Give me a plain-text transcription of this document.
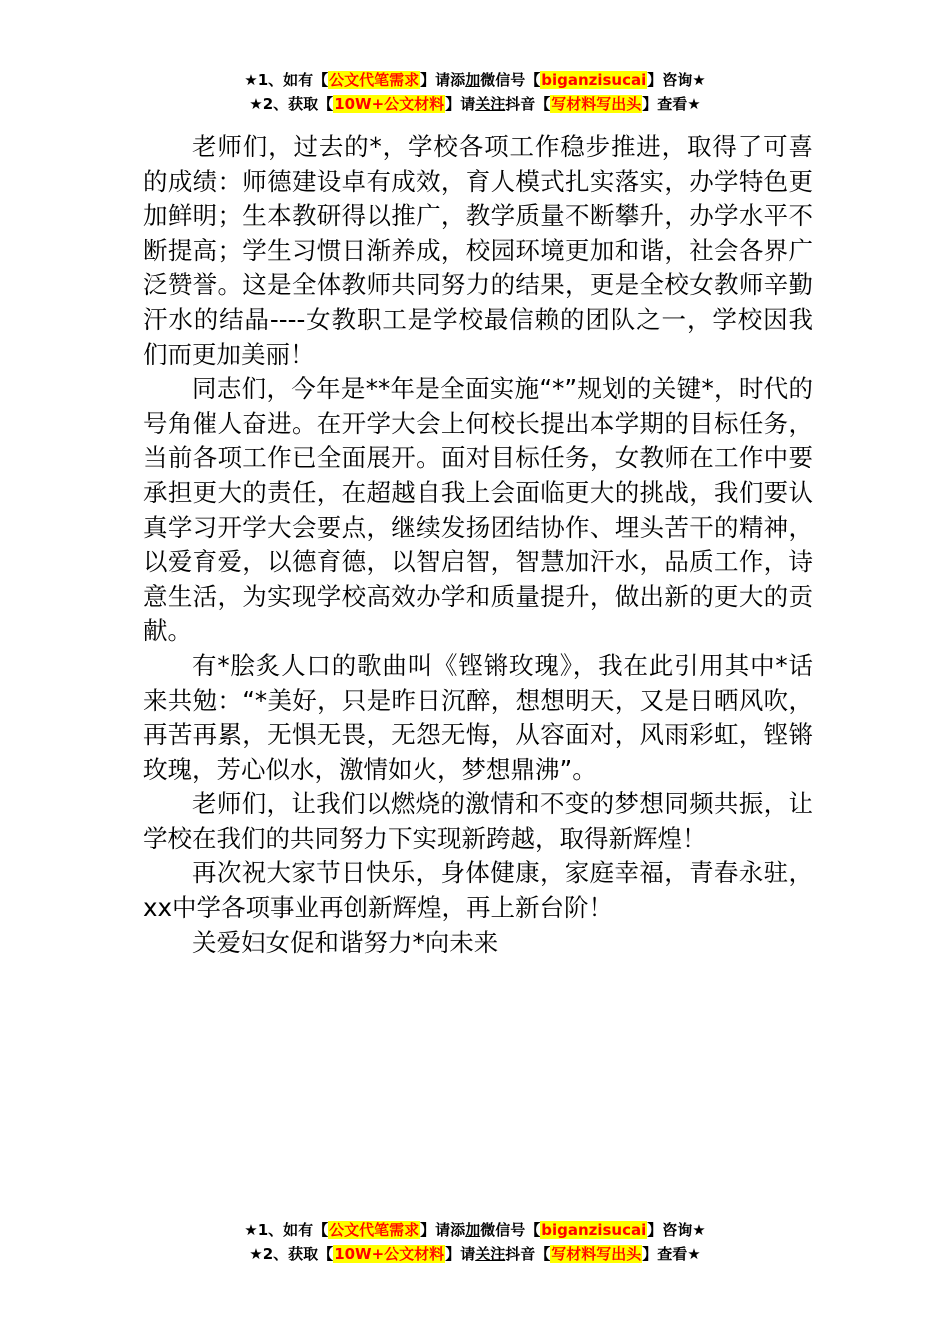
★1、如有【公文代笔需求】请添加微信号【biganzisucai】咨询★
★2、获取【10W+公文材料】请关注抖音【写材料写出头】查看★

老师们，过去的*，学校各项工作稳步推进，取得了可喜的成绩：师德建设卓有成效，育人模式扎实落实，办学特色更加鲜明；生本教研得以推广，教学质量不断攀升，办学水平不断提高；学生习惯日渐养成，校园环境更加和谐，社会各界广泛赞誉。这是全体教师共同努力的结果，更是全校女教师辛勤汗水的结晶----女教职工是学校最信赖的团队之一，学校因我们而更加美丽！

同志们，今年是**年是全面实施“*”规划的关键*，时代的号角催人奋进。在开学大会上何校长提出本学期的目标任务，当前各项工作已全面展开。面对目标任务，女教师在工作中要承担更大的责任，在超越自我上会面临更大的挑战，我们要认真学习开学大会要点，继续发扬团结协作、埋头苦干的精神，以爱育爱，以德育德，以智启智，智慧加汗水，品质工作，诗意生活，为实现学校高效办学和质量提升，做出新的更大的贡献。

有*脍炙人口的歌曲叫《铿锵玫瑰》，我在此引用其中*话来共勉：“*美好，只是昨日沉醉，想想明天，又是日晒风吹，再苦再累，无惧无畏，无怨无悔，从容面对，风雨彩虹，铿锵玫瑰，芳心似水，激情如火，梦想鼎沸”。

老师们，让我们以燃烧的激情和不变的梦想同频共振，让学校在我们的共同努力下实现新跨越，取得新辉煌！

再次祝大家节日快乐，身体健康，家庭幸福，青春永驻，xx中学各项事业再创新辉煌，再上新台阶！

关爱妇女促和谐努力*向未来

★1、如有【公文代笔需求】请添加微信号【biganzisucai】咨询★
★2、获取【10W+公文材料】请关注抖音【写材料写出头】查看★
